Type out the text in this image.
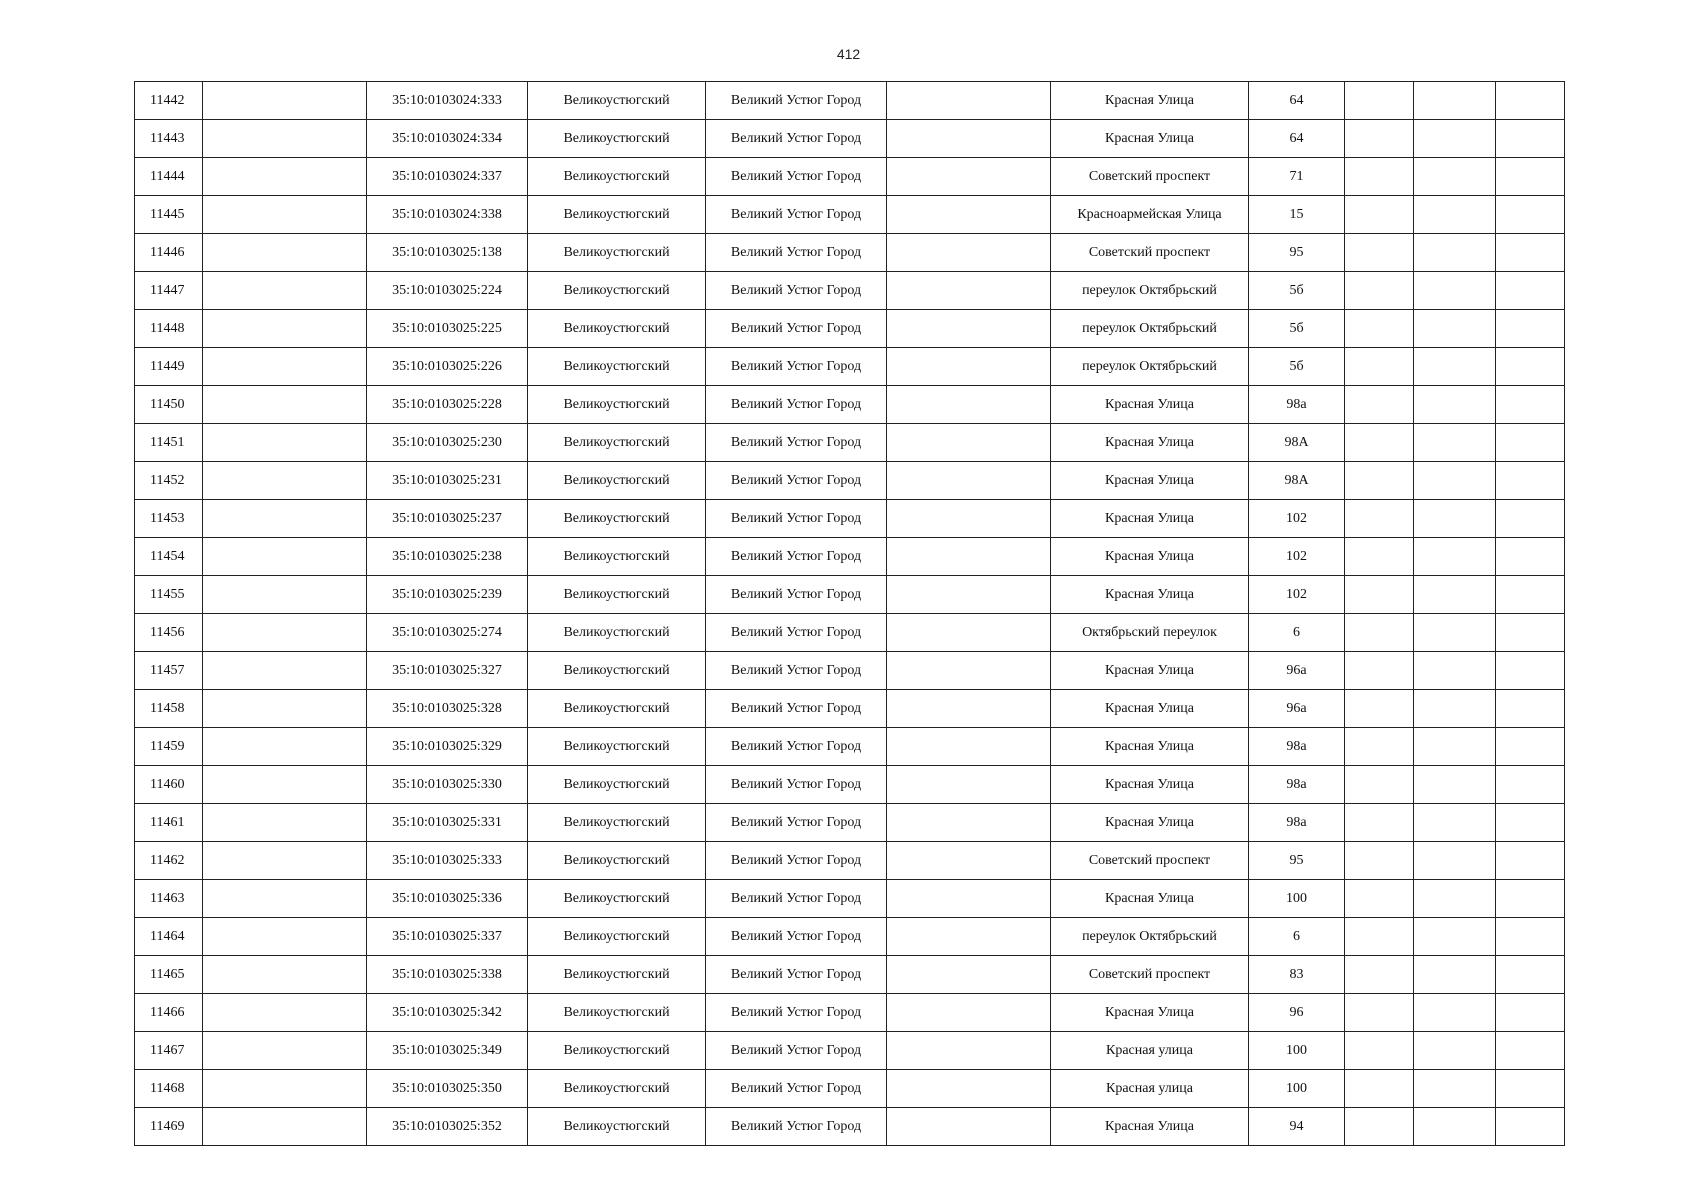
412
11442		35:10:0103024:333	Великоустюгский	Великий Устюг Город		Красная Улица	64			
11443		35:10:0103024:334	Великоустюгский	Великий Устюг Город		Красная Улица	64			
11444		35:10:0103024:337	Великоустюгский	Великий Устюг Город		Советский проспект	71			
11445		35:10:0103024:338	Великоустюгский	Великий Устюг Город		Красноармейская Улица	15			
11446		35:10:0103025:138	Великоустюгский	Великий Устюг Город		Советский проспект	95			
11447		35:10:0103025:224	Великоустюгский	Великий Устюг Город		переулок Октябрьский	5б			
11448		35:10:0103025:225	Великоустюгский	Великий Устюг Город		переулок Октябрьский	5б			
11449		35:10:0103025:226	Великоустюгский	Великий Устюг Город		переулок Октябрьский	5б			
11450		35:10:0103025:228	Великоустюгский	Великий Устюг Город		Красная Улица	98а			
11451		35:10:0103025:230	Великоустюгский	Великий Устюг Город		Красная Улица	98А			
11452		35:10:0103025:231	Великоустюгский	Великий Устюг Город		Красная Улица	98А			
11453		35:10:0103025:237	Великоустюгский	Великий Устюг Город		Красная Улица	102			
11454		35:10:0103025:238	Великоустюгский	Великий Устюг Город		Красная Улица	102			
11455		35:10:0103025:239	Великоустюгский	Великий Устюг Город		Красная Улица	102			
11456		35:10:0103025:274	Великоустюгский	Великий Устюг Город		Октябрьский переулок	6			
11457		35:10:0103025:327	Великоустюгский	Великий Устюг Город		Красная Улица	96а			
11458		35:10:0103025:328	Великоустюгский	Великий Устюг Город		Красная Улица	96а			
11459		35:10:0103025:329	Великоустюгский	Великий Устюг Город		Красная Улица	98а			
11460		35:10:0103025:330	Великоустюгский	Великий Устюг Город		Красная Улица	98а			
11461		35:10:0103025:331	Великоустюгский	Великий Устюг Город		Красная Улица	98а			
11462		35:10:0103025:333	Великоустюгский	Великий Устюг Город		Советский проспект	95			
11463		35:10:0103025:336	Великоустюгский	Великий Устюг Город		Красная Улица	100			
11464		35:10:0103025:337	Великоустюгский	Великий Устюг Город		переулок Октябрьский	6			
11465		35:10:0103025:338	Великоустюгский	Великий Устюг Город		Советский проспект	83			
11466		35:10:0103025:342	Великоустюгский	Великий Устюг Город		Красная Улица	96			
11467		35:10:0103025:349	Великоустюгский	Великий Устюг Город		Красная улица	100			
11468		35:10:0103025:350	Великоустюгский	Великий Устюг Город		Красная улица	100			
11469		35:10:0103025:352	Великоустюгский	Великий Устюг Город		Красная Улица	94			
